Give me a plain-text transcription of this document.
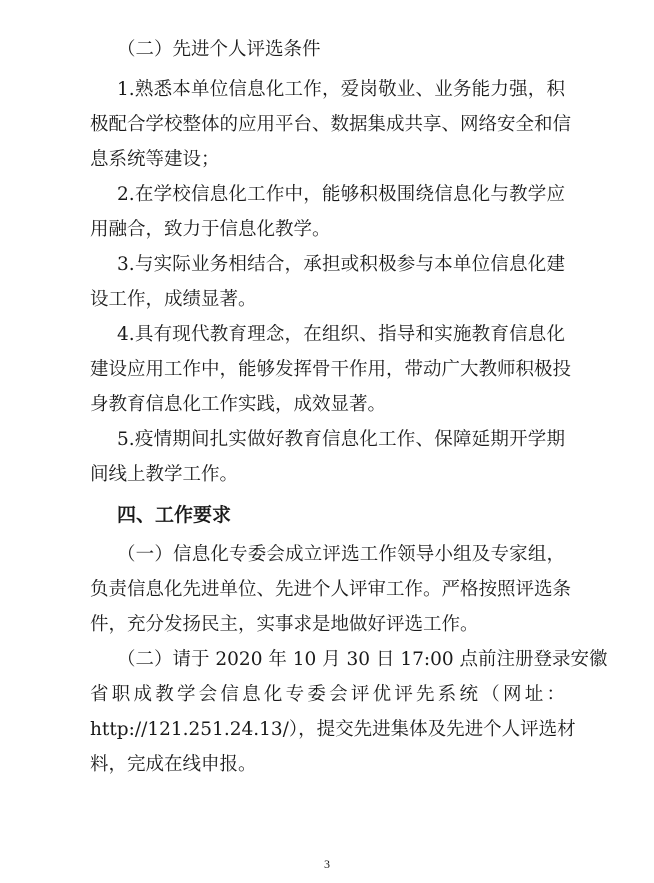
（二）先进个人评选条件
1.熟悉本单位信息化工作，爱岗敬业、业务能力强，积
极配合学校整体的应用平台、数据集成共享、网络安全和信
息系统等建设；
2.在学校信息化工作中，能够积极围绕信息化与教学应
用融合，致力于信息化教学。
3.与实际业务相结合，承担或积极参与本单位信息化建
设工作，成绩显著。
4.具有现代教育理念，在组织、指导和实施教育信息化
建设应用工作中，能够发挥骨干作用，带动广大教师积极投
身教育信息化工作实践，成效显著。
5.疫情期间扎实做好教育信息化工作、保障延期开学期
间线上教学工作。
四、工作要求
（一）信息化专委会成立评选工作领导小组及专家组，
负责信息化先进单位、先进个人评审工作。严格按照评选条
件，充分发扬民主，实事求是地做好评选工作。
（二）请于 2020 年 10 月 30 日 17:00 点前注册登录安徽
省职成教学会信息化专委会评优评先系统（网址：
http://121.251.24.13/），提交先进集体及先进个人评选材
料，完成在线申报。
3
